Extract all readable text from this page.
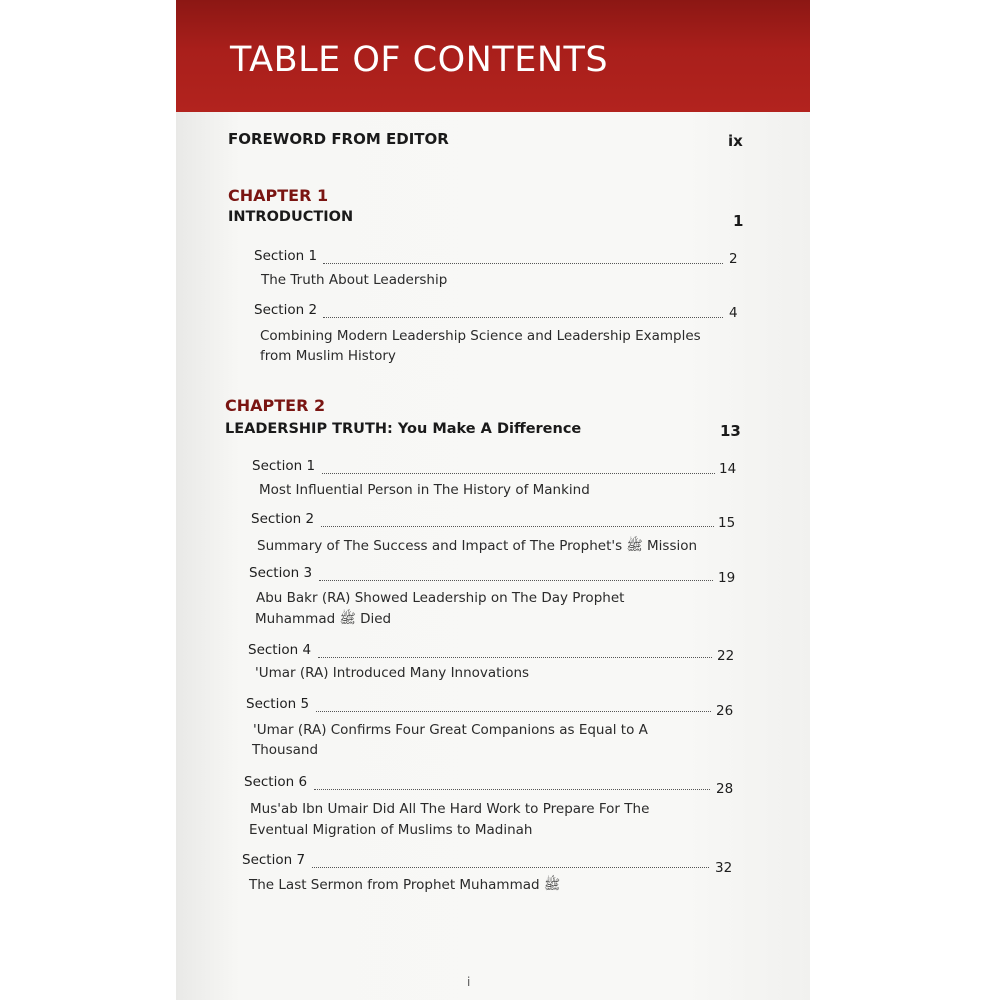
TABLE OF CONTENTS
FOREWORD FROM EDITOR	ix
CHAPTER 1
INTRODUCTION	1
Section 1	2
The Truth About Leadership
Section 2	4
Combining Modern Leadership Science and Leadership Examples
from Muslim History
CHAPTER 2
LEADERSHIP TRUTH: You Make A Difference	13
Section 1	14
Most Influential Person in The History of Mankind
Section 2	15
Summary of The Success and Impact of The Prophet's ﷺ Mission
Section 3	19
Abu Bakr (RA) Showed Leadership on The Day Prophet
Muhammad ﷺ Died
Section 4	22
'Umar (RA) Introduced Many Innovations
Section 5	26
'Umar (RA) Confirms Four Great Companions as Equal to A
Thousand
Section 6	28
Mus'ab Ibn Umair Did All The Hard Work to Prepare For The
Eventual Migration of Muslims to Madinah
Section 7	32
The Last Sermon from Prophet Muhammad ﷺ
i
